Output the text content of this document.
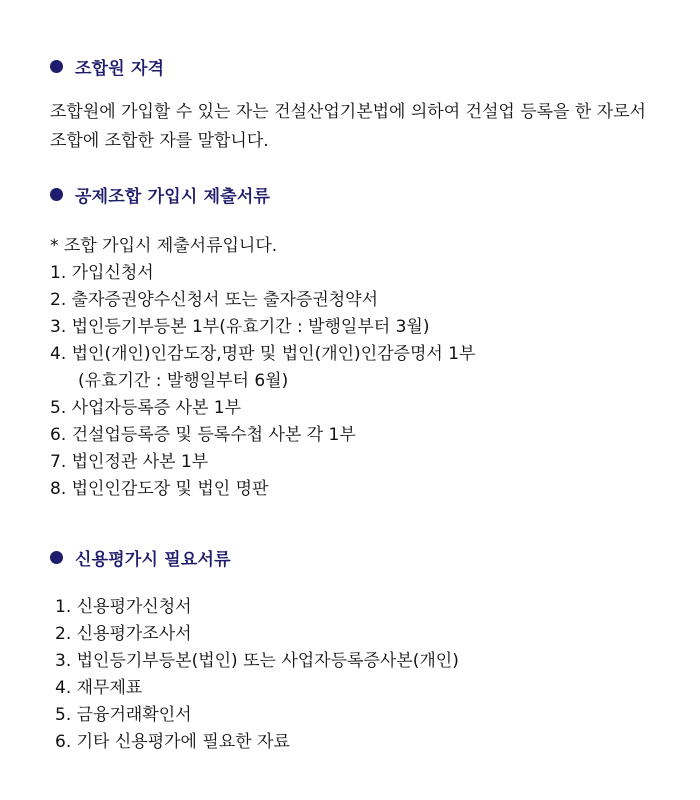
조합원 자격
조합원에 가입할 수 있는 자는 건설산업기본법에 의하여 건설업 등록을 한 자로서 조합에 조합한 자를 말합니다.
공제조합 가입시 제출서류
* 조합 가입시 제출서류입니다.
1. 가입신청서
2. 출자증권양수신청서 또는 출자증권청약서
3. 법인등기부등본 1부(유효기간 : 발행일부터 3월)
4. 법인(개인)인감도장,명판 및 법인(개인)인감증명서 1부
(유효기간 : 발행일부터 6월)
5. 사업자등록증 사본 1부
6. 건설업등록증 및 등록수첩 사본 각 1부
7. 법인정관 사본 1부
8. 법인인감도장 및 법인 명판
신용평가시 필요서류
1. 신용평가신청서
2. 신용평가조사서
3. 법인등기부등본(법인) 또는 사업자등록증사본(개인)
4. 재무제표
5. 금융거래확인서
6. 기타 신용평가에 필요한 자료
